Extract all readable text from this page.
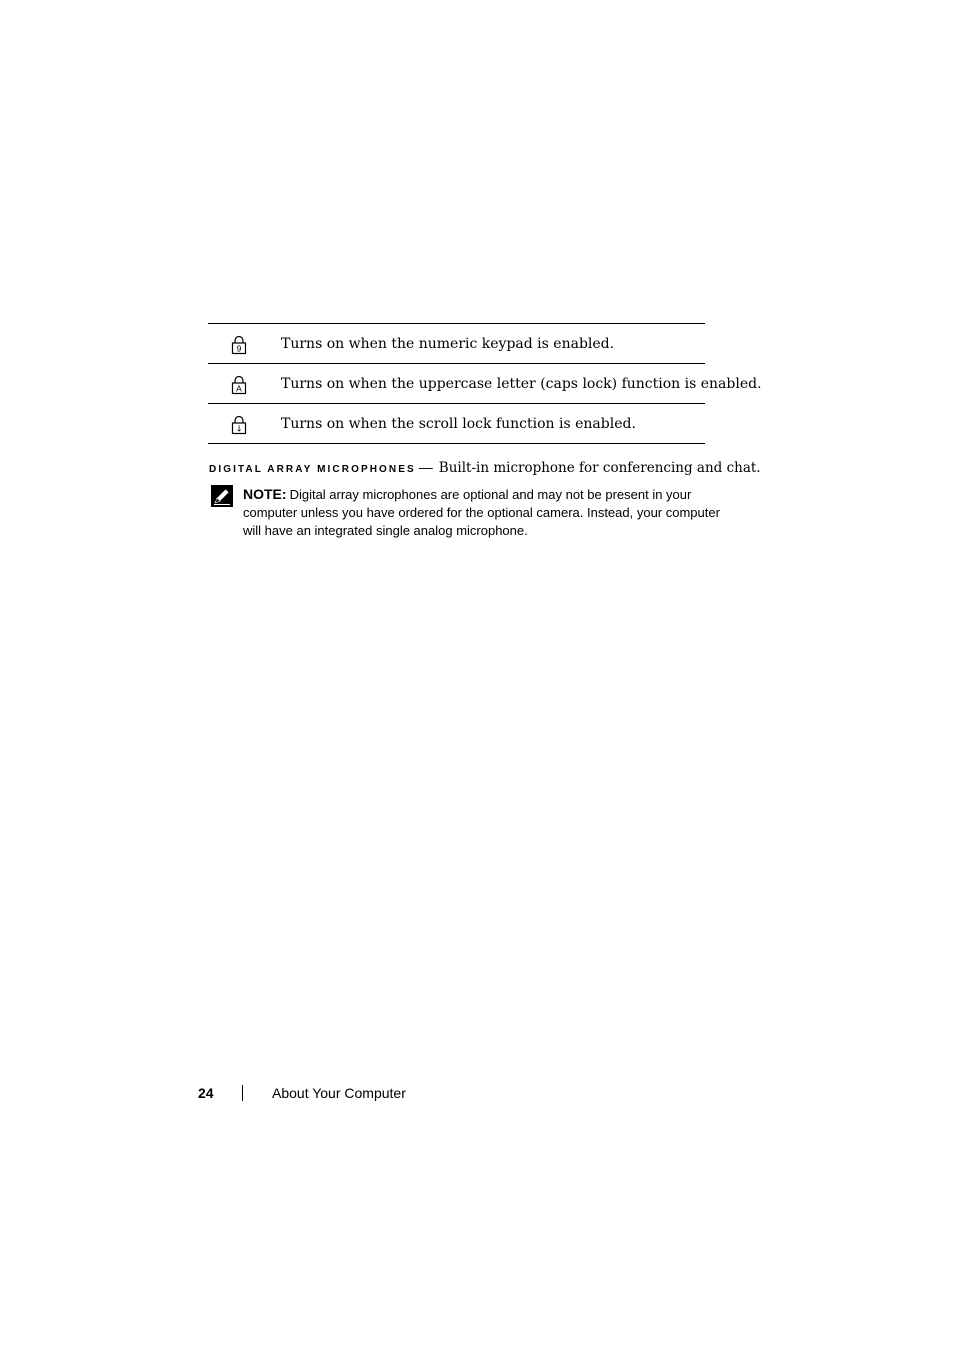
9	Turns on when the numeric keypad is enabled.
A	Turns on when the uppercase letter (caps lock) function is enabled.
↓	Turns on when the scroll lock function is enabled.
DIGITAL ARRAY MICROPHONES — Built-in microphone for conferencing and chat.
NOTE: Digital array microphones are optional and may not be present in your computer unless you have ordered for the optional camera. Instead, your computer will have an integrated single analog microphone.
24	About Your Computer
